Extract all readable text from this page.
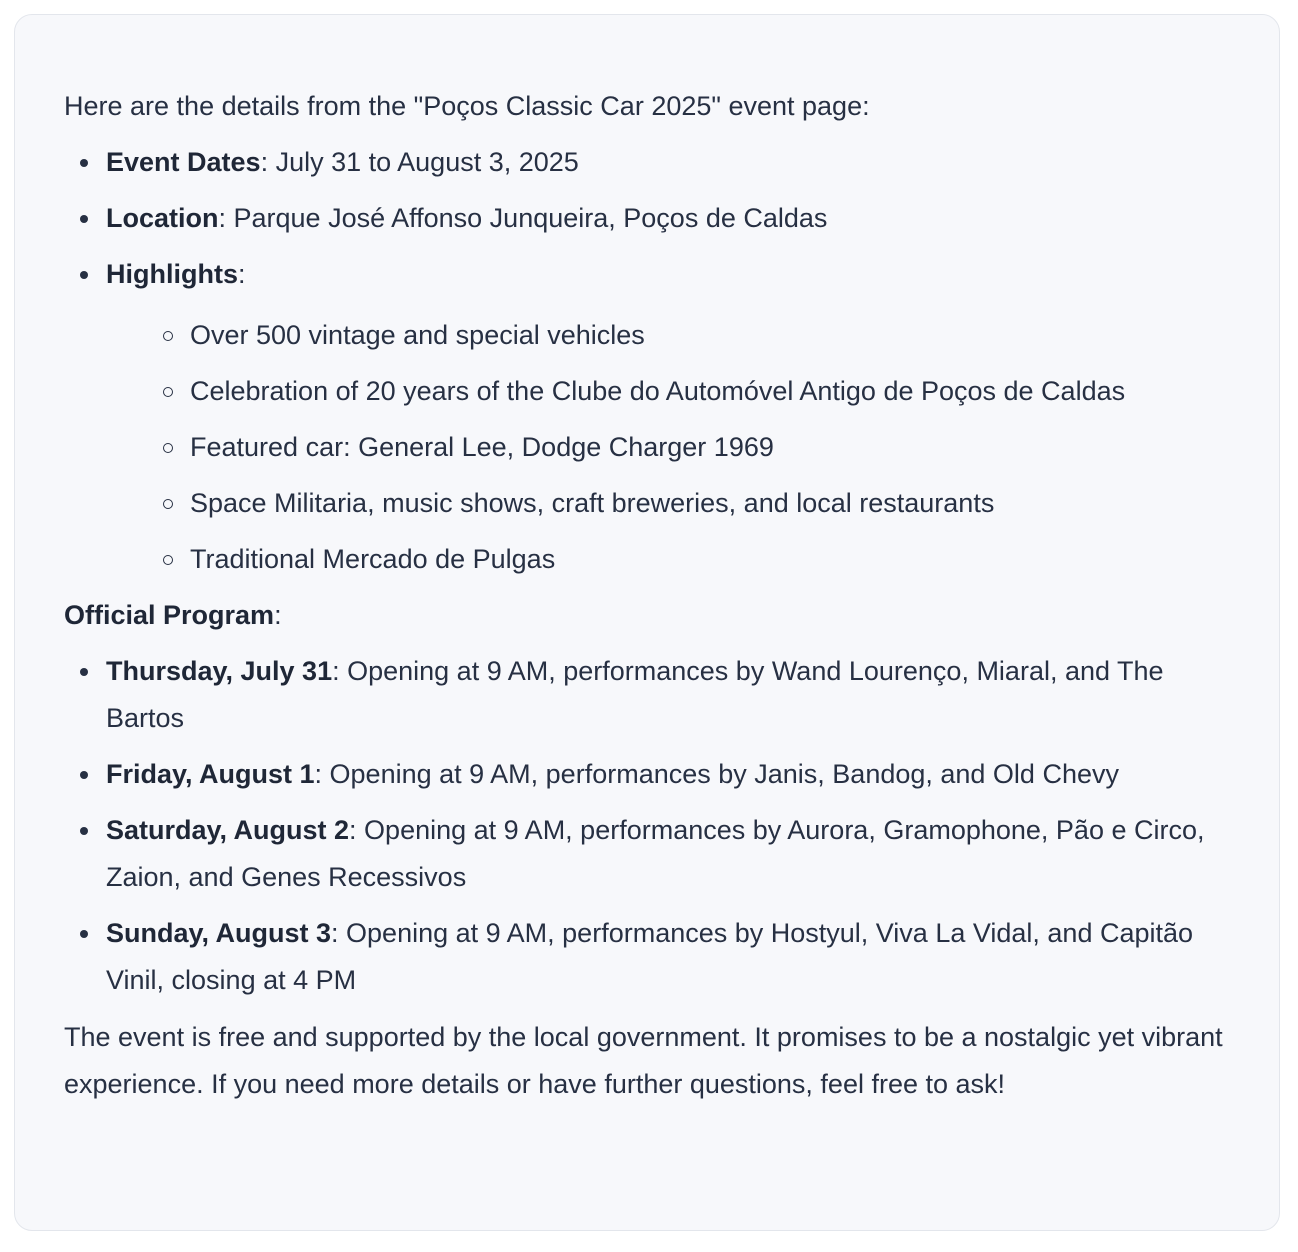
Here are the details from the "Poços Classic Car 2025" event page:

Event Dates: July 31 to August 3, 2025
Location: Parque José Affonso Junqueira, Poços de Caldas
Highlights:
Over 500 vintage and special vehicles
Celebration of 20 years of the Clube do Automóvel Antigo de Poços de Caldas
Featured car: General Lee, Dodge Charger 1969
Space Militaria, music shows, craft breweries, and local restaurants
Traditional Mercado de Pulgas

Official Program:

Thursday, July 31: Opening at 9 AM, performances by Wand Lourenço, Miaral, and The Bartos
Friday, August 1: Opening at 9 AM, performances by Janis, Bandog, and Old Chevy
Saturday, August 2: Opening at 9 AM, performances by Aurora, Gramophone, Pão e Circo, Zaion, and Genes Recessivos
Sunday, August 3: Opening at 9 AM, performances by Hostyul, Viva La Vidal, and Capitão Vinil, closing at 4 PM

The event is free and supported by the local government. It promises to be a nostalgic yet vibrant experience. If you need more details or have further questions, feel free to ask!
